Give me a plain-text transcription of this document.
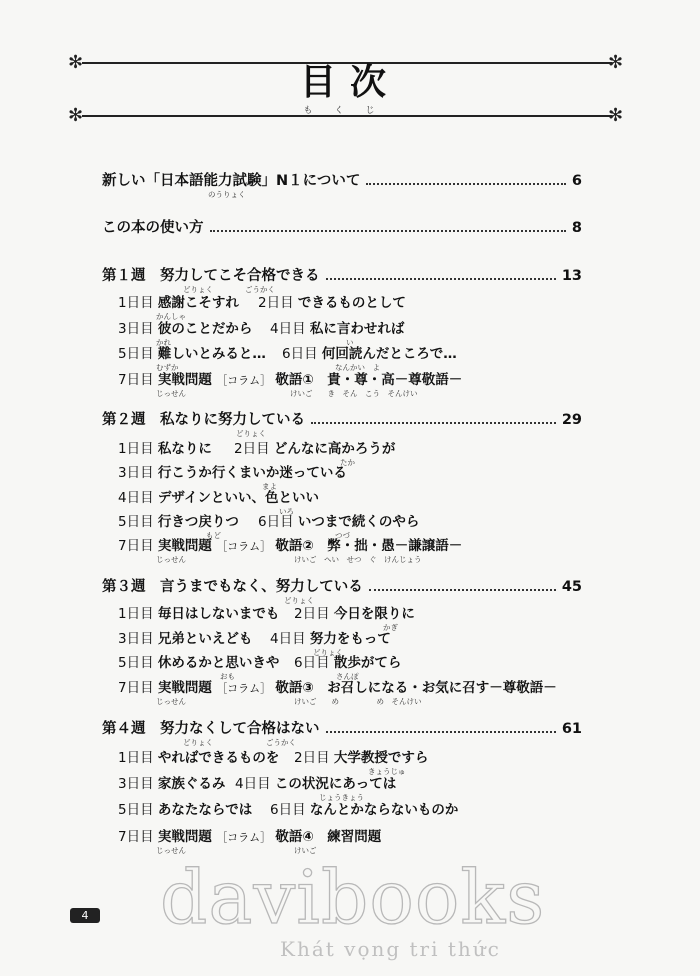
✻	✻
✻	✻
目次
もくじ
新しい「日本語能力試験」N１について	6
のうりょく
この本の使い方	8
第１週　 努力してこそ合格できる	13
どりょく	ごうかく
1日目 感謝こそすれ 2日目 できるものとして
かんしゃ
3日目 彼のことだから 4日目 私に言わせれば
かれ	い
5日目 難しいとみると… 6日目 何回読んだところで…
むずか	なんかい　よ
7日目 実戦問題 ［コラム］ 敬語①　貴・尊・高－尊敬語－
じっせん	けいご　　き　そん　こう　そんけい
第２週　 私なりに努力している	29
どりょく
1日目 私なりに 2日目 どんなに高かろうが
たか
3日目 行こうか行くまいか迷っている
まよ
4日目 デザインといい、色といい
いろ
5日目 行きつ戻りつ 6日目 いつまで続くのやら
もど	つづ
7日目 実戦問題 ［コラム］ 敬語②　弊・拙・愚－謙譲語－
じっせん	けいご　へい　せつ　ぐ　けんじょう
第３週　 言うまでもなく、努力している	45
どりょく
1日目 毎日はしないまでも 2日目 今日を限りに
かぎ
3日目 兄弟といえども 4日目 努力をもって
どりょく
5日目 休めるかと思いきや 6日目 散歩がてら
おも	さんぽ
7日目 実戦問題 ［コラム］ 敬語③　お召しになる・お気に召す－尊敬語－
じっせん	けいご　　め　　　　　め　そんけい
第４週　 努力なくして合格はない	61
どりょく	ごうかく
1日目 やればできるものを 2日目 大学教授ですら
きょうじゅ
3日目 家族ぐるみ 4日目 この状況にあっては
じょうきょう
5日目 あなたならでは 6日目 なんとかならないものか
7日目 実戦問題 ［コラム］ 敬語④　練習問題
じっせん	けいご
4 davibooks
Khát vọng tri thức
